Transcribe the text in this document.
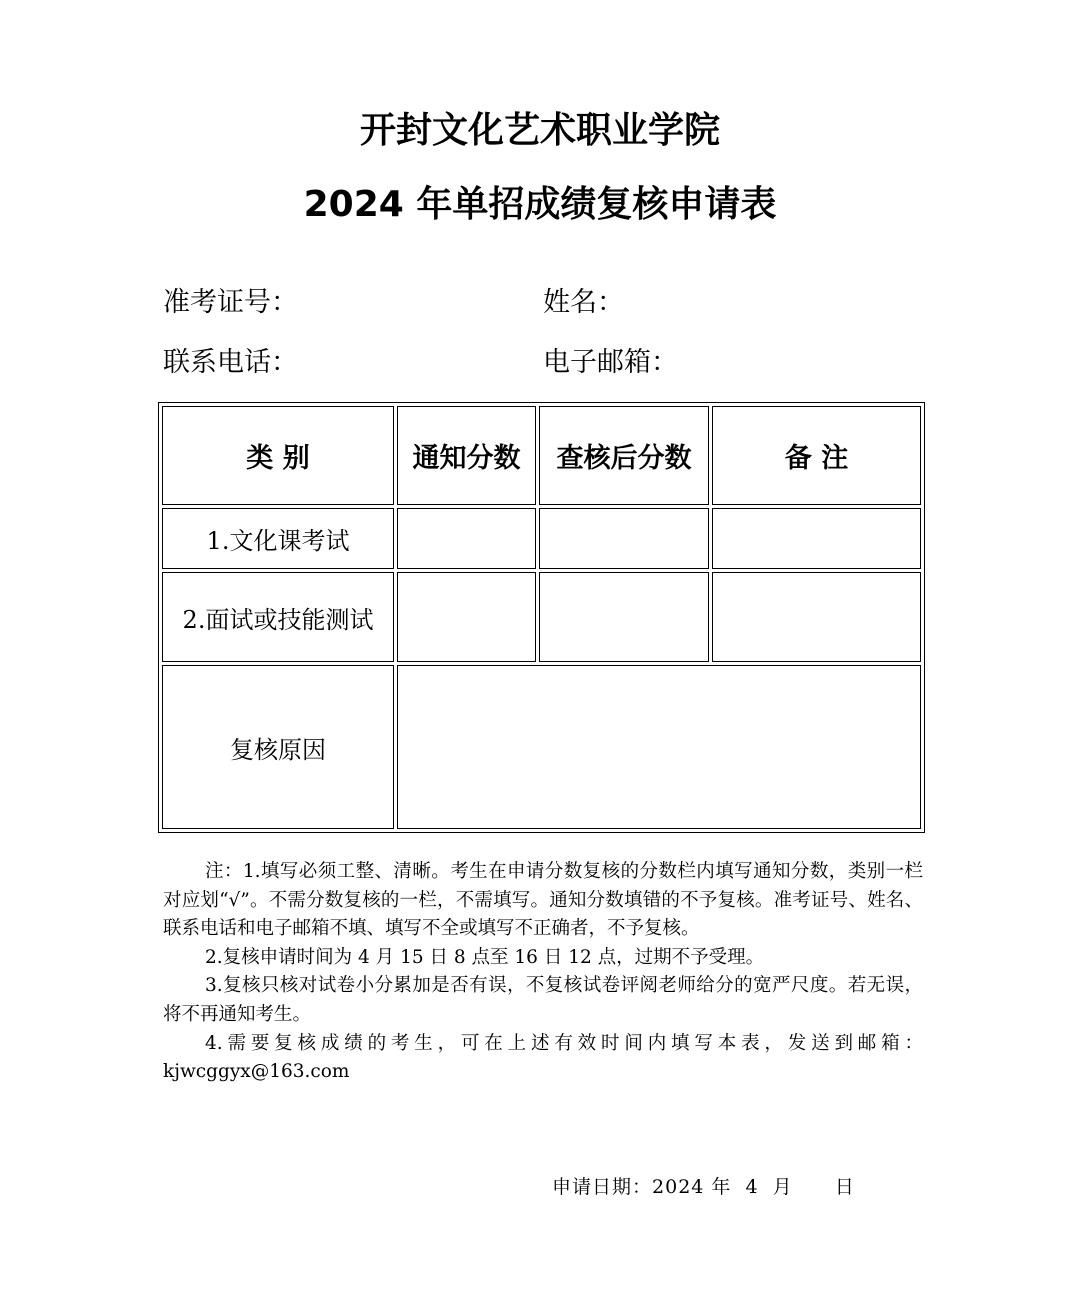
开封文化艺术职业学院
2024 年单招成绩复核申请表
准考证号：	姓名：
联系电话：	电子邮箱：
类 别	通知分数	查核后分数	备 注
1.文化课考试			
2.面试或技能测试			
复核原因			

注：1.填写必须工整、清晰。考生在申请分数复核的分数栏内填写通知分数，类别一栏对应划“√”。不需分数复核的一栏，不需填写。通知分数填错的不予复核。准考证号、姓名、联系电话和电子邮箱不填、填写不全或填写不正确者，不予复核。

2.复核申请时间为 4 月 15 日 8 点至 16 日 12 点，过期不予受理。

3.复核只核对试卷小分累加是否有误，不复核试卷评阅老师给分的宽严尺度。若无误，将不再通知考生。

4.需要复核成绩的考生，可在上述有效时间内填写本表，发送到邮箱：kjwcggyx@163.com

申请日期：2024 年  4  月      日
